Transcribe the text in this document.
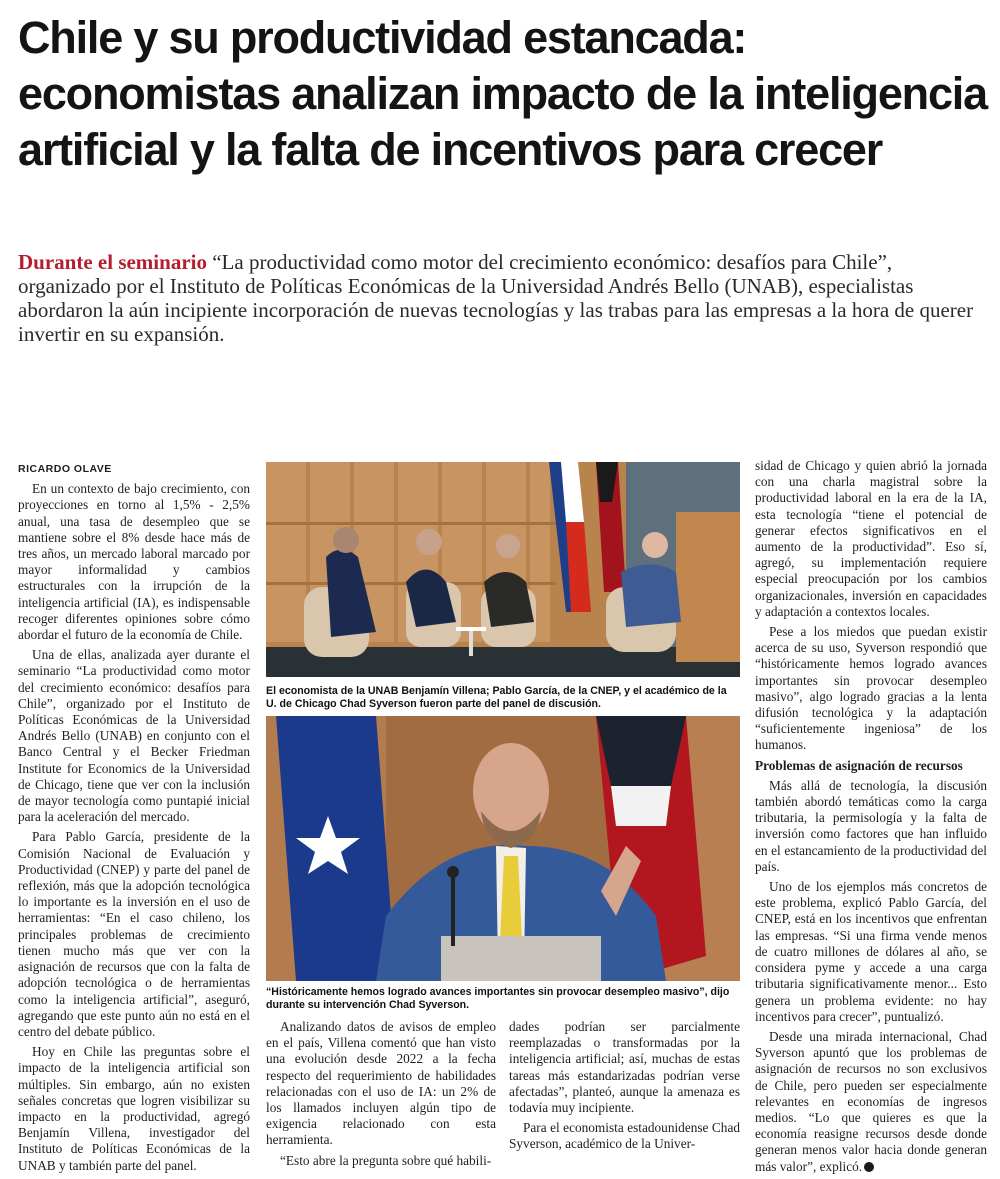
Chile y su productividad estancada: economistas analizan impacto de la inteligencia artificial y la falta de incentivos para crecer

Durante el seminario “La productividad como motor del crecimiento económico: desafíos para Chile”, organizado por el Instituto de Políticas Económicas de la Universidad Andrés Bello (UNAB), especialistas abordaron la aún incipiente incorporación de nuevas tecnologías y las trabas para las empresas a la hora de querer invertir en su expansión.

RICARDO OLAVE

En un contexto de bajo crecimiento, con proyecciones en torno al 1,5% - 2,5% anual, una tasa de desempleo que se mantiene sobre el 8% desde hace más de tres años, un mercado laboral marcado por mayor informalidad y cambios estructurales con la irrupción de la inteligencia artificial (IA), es indispensable recoger diferentes opiniones sobre cómo abordar el futuro de la economía de Chile.

Una de ellas, analizada ayer durante el seminario “La productividad como motor del crecimiento económico: desafíos para Chile”, organizado por el Instituto de Políticas Económicas de la Universidad Andrés Bello (UNAB) en conjunto con el Banco Central y el Becker Friedman Institute for Economics de la Universidad de Chicago, tiene que ver con la inclusión de mayor tecnología como puntapié inicial para la aceleración del mercado.

Para Pablo García, presidente de la Comisión Nacional de Evaluación y Productividad (CNEP) y parte del panel de reflexión, más que la adopción tecnológica lo importante es la inversión en el uso de herramientas: “En el caso chileno, los principales problemas de crecimiento tienen mucho más que ver con la asignación de recursos que con la falta de adopción tecnológica o de herramientas como la inteligencia artificial”, aseguró, agregando que este punto aún no está en el centro del debate público.

Hoy en Chile las preguntas sobre el impacto de la inteligencia artificial son múltiples. Sin embargo, aún no existen señales concretas que logren visibilizar su impacto en la productividad, agregó Benjamín Villena, investigador del Instituto de Políticas Económicas de la UNAB y también parte del panel.

El economista de la UNAB Benjamín Villena; Pablo García, de la CNEP, y el académico de la U. de Chicago Chad Syverson fueron parte del panel de discusión.
“Históricamente hemos logrado avances importantes sin provocar desempleo masivo”, dijo durante su intervención Chad Syverson.

Analizando datos de avisos de empleo en el país, Villena comentó que han visto una evolución desde 2022 a la fecha respecto del requerimiento de habilidades relacionadas con el uso de IA: un 2% de los llamados incluyen algún tipo de exigencia relacionado con esta herramienta.

“Esto abre la pregunta sobre qué habili-

dades podrían ser parcialmente reemplazadas o transformadas por la inteligencia artificial; así, muchas de estas tareas más estandarizadas podrían verse afectadas”, planteó, aunque la amenaza es todavía muy incipiente.

Para el economista estadounidense Chad Syverson, académico de la Univer-

sidad de Chicago y quien abrió la jornada con una charla magistral sobre la productividad laboral en la era de la IA, esta tecnología “tiene el potencial de generar efectos significativos en el aumento de la productividad”. Eso sí, agregó, su implementación requiere especial preocupación por los cambios organizacionales, inversión en capacidades y adaptación a contextos locales.

Pese a los miedos que puedan existir acerca de su uso, Syverson respondió que “históricamente hemos logrado avances importantes sin provocar desempleo masivo”, algo logrado gracias a la lenta difusión tecnológica y la adaptación “suficientemente ingeniosa” de los humanos.

Problemas de asignación de recursos

Más allá de tecnología, la discusión también abordó temáticas como la carga tributaria, la permisología y la falta de inversión como factores que han influido en el estancamiento de la productividad del país.

Uno de los ejemplos más concretos de este problema, explicó Pablo García, del CNEP, está en los incentivos que enfrentan las empresas. “Si una firma vende menos de cuatro millones de dólares al año, se considera pyme y accede a una carga tributaria significativamente menor... Esto genera un problema evidente: no hay incentivos para crecer”, puntualizó.

Desde una mirada internacional, Chad Syverson apuntó que los problemas de asignación de recursos no son exclusivos de Chile, pero pueden ser especialmente relevantes en economías de ingresos medios. “Lo que quieres es que la economía reasigne recursos desde donde generan menos valor hacia donde generan más valor”, explicó.
